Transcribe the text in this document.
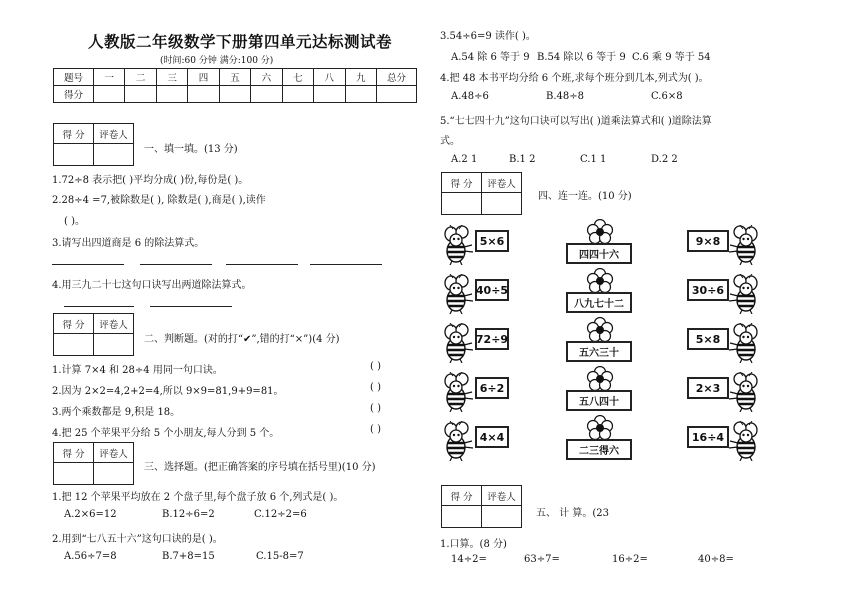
人教版二年级数学下册第四单元达标测试卷
(时间:60 分钟 满分:100 分)
题号	一	二	三	四	五	六	七	八	九	总分
得分										
得 分	评卷人

一、填一填。(13 分)
1.72÷8 表示把( )平均分成( )份,每份是( )。
2.28÷4 =7,被除数是( ), 除数是( ),商是( ),读作
( )。
3.请写出四道商是 6 的除法算式。
4.用三九二十七这句口诀写出两道除法算式。
得 分	评卷人

二、判断题。(对的打“✔”,错的打“×”)(4 分)
1.计算 7×4 和 28÷4 用同一句口诀。	( )
2.因为 2×2=4,2+2=4,所以 9×9=81,9+9=81。	( )
3.两个乘数都是 9,积是 18。	( )
4.把 25 个苹果平分给 5 个小朋友,每人分到 5 个。	( )
得 分	评卷人

三、选择题。(把正确答案的序号填在括号里)(10 分)
1.把 12 个苹果平均放在 2 个盘子里,每个盘子放 6 个,列式是( )。
A.2×6=12	B.12÷6=2	C.12÷2=6
2.用到“七八五十六”这句口诀的是( )。
A.56÷7=8	B.7+8=15	C.15-8=7
3.54÷6=9 读作( )。
A.54 除 6 等于 9 B.54 除以 6 等于 9 C.6 乘 9 等于 54
4.把 48 本书平均分给 6 个班,求每个班分到几本,列式为( )。
A.48÷6	B.48÷8	C.6×8
5.“七七四十九”这句口诀可以写出( )道乘法算式和( )道除法算
式。
A.2 1	B.1 2	C.1 1	D.2 2
得 分	评卷人

四、连一连。(10 分)
5×6
四四十六
9×8
40÷5
八九七十二
30÷6
72÷9
五六三十
5×8
6÷2
五八四十
2×3
4×4
二三得六
16÷4
得 分	评卷人

五、 计 算。(23
1.口算。(8 分)
14÷2=	63÷7=	16÷2=	40÷8=
